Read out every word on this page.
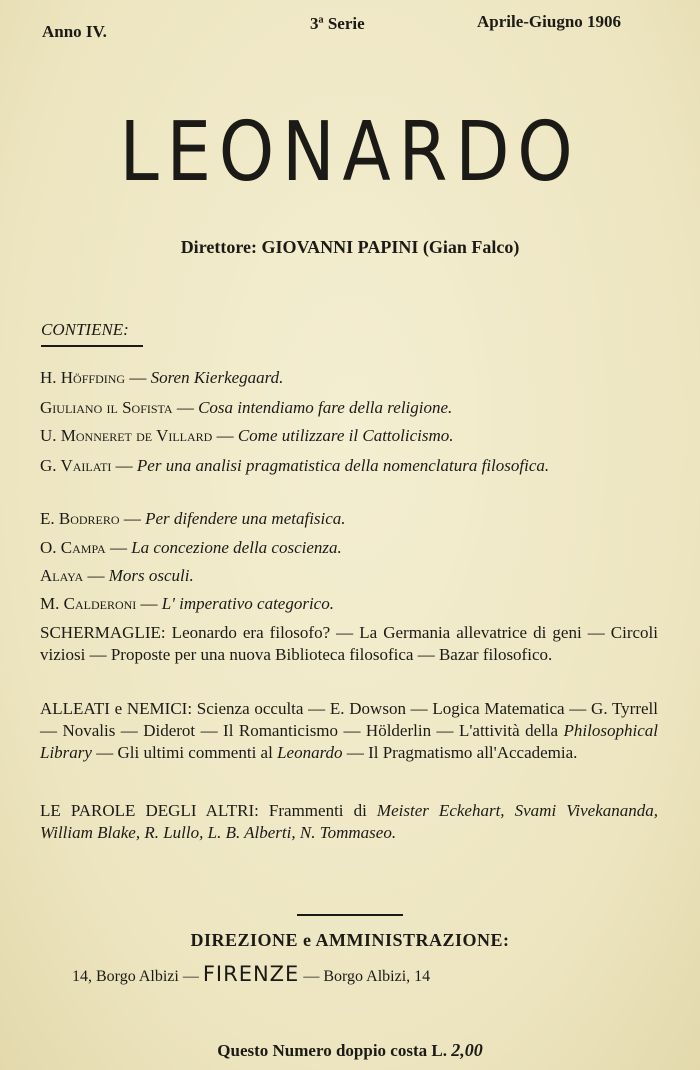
Anno IV.	3ª Serie	Aprile-Giugno 1906
LEONARDO
Direttore: GIOVANNI PAPINI (Gian Falco)
CONTIENE:
H. Höffding — Soren Kierkegaard.
Giuliano il Sofista — Cosa intendiamo fare della religione.
U. Monneret de Villard — Come utilizzare il Cattolicismo.
G. Vailati — Per una analisi pragmatistica della nomenclatura filosofica.
E. Bodrero — Per difendere una metafisica.
O. Campa — La concezione della coscienza.
Alaya — Mors osculi.
M. Calderoni — L' imperativo categorico.
SCHERMAGLIE: Leonardo era filosofo? — La Germania allevatrice di geni — Circoli viziosi — Proposte per una nuova Biblioteca filosofica — Bazar filosofico.
ALLEATI e NEMICI: Scienza occulta — E. Dowson — Logica Matematica — G. Tyrrell — Novalis — Diderot — Il Romanticismo — Hölderlin — L'attività della Philosophical Library — Gli ultimi commenti al Leonardo — Il Pragmatismo all'Accademia.
LE PAROLE DEGLI ALTRI: Frammenti di Meister Eckehart, Svami Vivekananda, William Blake, R. Lullo, L. B. Alberti, N. Tommaseo.
DIREZIONE e AMMINISTRAZIONE:
14, Borgo Albizi — FIRENZE — Borgo Albizi, 14
Questo Numero doppio costa L. 2,00
